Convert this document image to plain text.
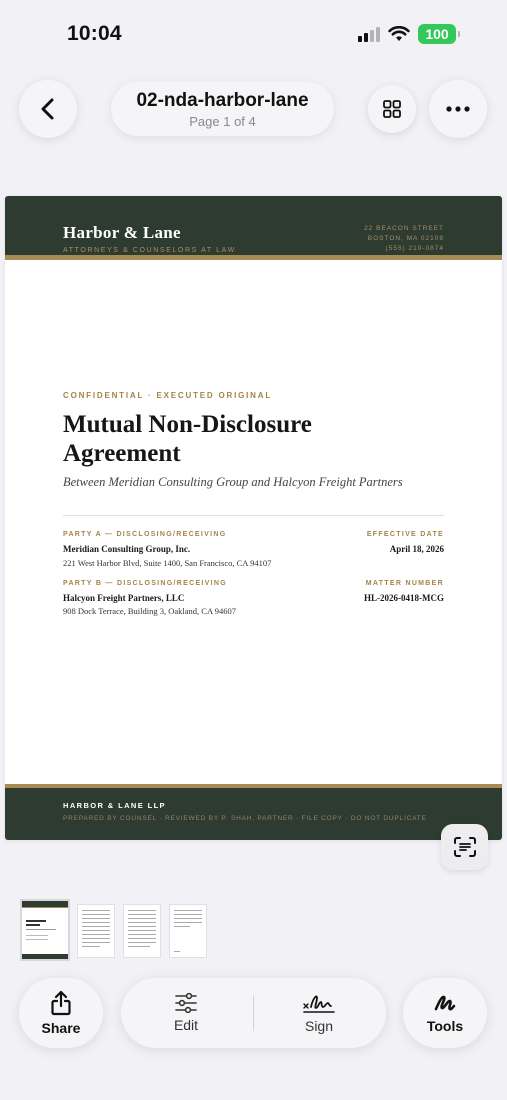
10:04	100
02-nda-harbor-lane
Page 1 of 4
Harbor & Lane
ATTORNEYS & COUNSELORS AT LAW
22 BEACON STREET
BOSTON, MA 02108
(555) 210-0874
CONFIDENTIAL · EXECUTED ORIGINAL
Mutual Non-Disclosure Agreement
Between Meridian Consulting Group and Halcyon Freight Partners
PARTY A — DISCLOSING/RECEIVING
Meridian Consulting Group, Inc.
221 West Harbor Blvd, Suite 1400, San Francisco, CA 94107
EFFECTIVE DATE
April 18, 2026
PARTY B — DISCLOSING/RECEIVING
Halcyon Freight Partners, LLC
908 Dock Terrace, Building 3, Oakland, CA 94607
MATTER NUMBER
HL-2026-0418-MCG
HARBOR & LANE LLP
PREPARED BY COUNSEL · REVIEWED BY P. SHAH, PARTNER · FILE COPY · DO NOT DUPLICATE
Share	Edit	Sign	Tools
